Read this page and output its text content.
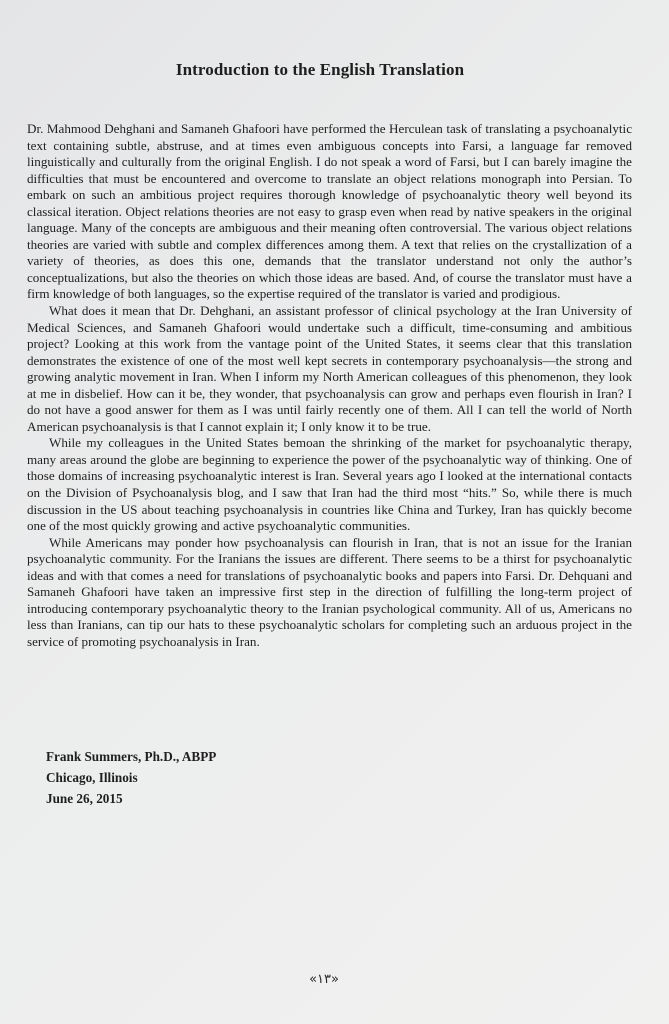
Introduction to the English Translation

Dr. Mahmood Dehghani and Samaneh Ghafoori have performed the Herculean task of translating a psychoanalytic text containing subtle, abstruse, and at times even ambiguous concepts into Farsi, a language far removed linguistically and culturally from the original English. I do not speak a word of Farsi, but I can barely imagine the difficulties that must be encountered and overcome to translate an object relations monograph into Persian. To embark on such an ambitious project requires thorough knowledge of psychoanalytic theory well beyond its classical iteration. Object relations theories are not easy to grasp even when read by native speakers in the original language. Many of the concepts are ambiguous and their meaning often controversial. The various object relations theories are varied with subtle and complex differences among them. A text that relies on the crystallization of a variety of theories, as does this one, demands that the translator understand not only the author’s conceptualizations, but also the theories on which those ideas are based. And, of course the translator must have a firm knowledge of both languages, so the expertise required of the translator is varied and prodigious.

What does it mean that Dr. Dehghani, an assistant professor of clinical psychology at the Iran University of Medical Sciences, and Samaneh Ghafoori would undertake such a difficult, time-consuming and ambitious project? Looking at this work from the vantage point of the United States, it seems clear that this translation demonstrates the existence of one of the most well kept secrets in contemporary psychoanalysis—the strong and growing analytic movement in Iran. When I inform my North American colleagues of this phenomenon, they look at me in disbelief. How can it be, they wonder, that psychoanalysis can grow and perhaps even flourish in Iran? I do not have a good answer for them as I was until fairly recently one of them. All I can tell the world of North American psychoanalysis is that I cannot explain it; I only know it to be true.

While my colleagues in the United States bemoan the shrinking of the market for psychoanalytic therapy, many areas around the globe are beginning to experience the power of the psychoanalytic way of thinking. One of those domains of increasing psychoanalytic interest is Iran. Several years ago I looked at the international contacts on the Division of Psychoanalysis blog, and I saw that Iran had the third most “hits.” So, while there is much discussion in the US about teaching psychoanalysis in countries like China and Turkey, Iran has quickly become one of the most quickly growing and active psychoanalytic communities.

While Americans may ponder how psychoanalysis can flourish in Iran, that is not an issue for the Iranian psychoanalytic community. For the Iranians the issues are different. There seems to be a thirst for psychoanalytic ideas and with that comes a need for translations of psychoanalytic books and papers into Farsi. Dr. Dehquani and Samaneh Ghafoori have taken an impressive first step in the direction of fulfilling the long-term project of introducing contemporary psychoanalytic theory to the Iranian psychological community. All of us, Americans no less than Iranians, can tip our hats to these psychoanalytic scholars for completing such an arduous project in the service of promoting psychoanalysis in Iran.

Frank Summers, Ph.D., ABPP
Chicago, Illinois
June 26, 2015
«۱۳»
